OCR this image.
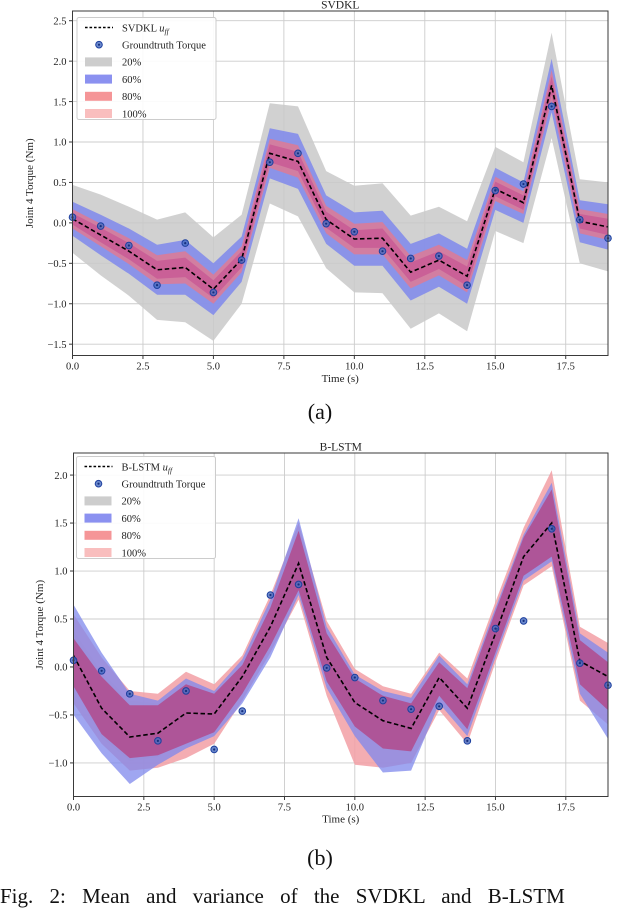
0.0	2.5	5.0	7.5	10.0	12.5	15.0	17.5
2.5
2.0
1.5
1.0
0.5
0.0
−0.5
−1.0
−1.5
SVDKL
Time (s)
Joint 4 Torque (Nm)
SVDKL $u_{ff}$
Groundtruth Torque
20%
60%
80%
100%
0.0	2.5	5.0	7.5	10.0	12.5	15.0	17.5
2.0
1.5
1.0
0.5
0.0
−0.5
−1.0
B-LSTM
Time (s)
Joint 4 Torque (Nm)
B-LSTM $u_{ff}$
Groundtruth Torque
20%
60%
80%
100%
(a)
(b)
Fig. 2: Mean and variance of the SVDKL and B-LSTM
